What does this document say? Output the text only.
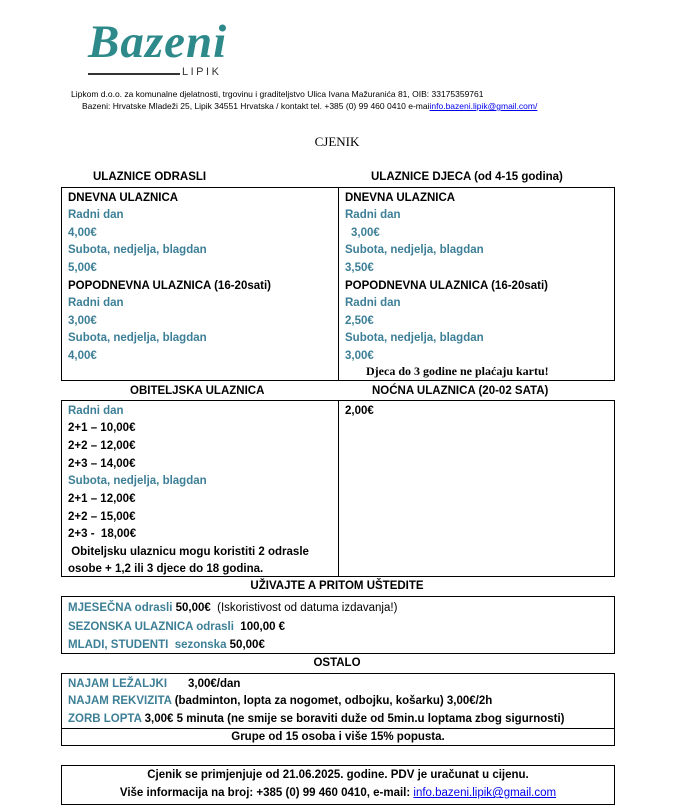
Bazeni
LIPIK
Lipkom d.o.o. za komunalne djelatnosti, trgovinu i graditeljstvo Ulica Ivana Mažuranića 81, OIB: 33175359761
Bazeni: Hrvatske Mladeži 25, Lipik 34551 Hrvatska / kontakt tel. +385 (0) 99 460 0410 e-maiinfo.bazeni.lipik@gmail.com/
CJENIK
ULAZNICE ODRASLI	ULAZNICE DJECA (od 4-15 godina)
DNEVNA ULAZNICA
Radni dan
4,00€
Subota, nedjelja, blagdan
5,00€
POPODNEVNA ULAZNICA (16-20sati)
Radni dan
3,00€
Subota, nedjelja, blagdan
4,00€
DNEVNA ULAZNICA
Radni dan
3,00€
Subota, nedjelja, blagdan
3,50€
POPODNEVNA ULAZNICA (16-20sati)
Radni dan
2,50€
Subota, nedjelja, blagdan
3,00€
Djeca do 3 godine ne plaćaju kartu!
OBITELJSKA ULAZNICA	NOĆNA ULAZNICA (20-02 SATA)
Radni dan
2+1 – 10,00€
2+2 – 12,00€
2+3 – 14,00€
Subota, nedjelja, blagdan
2+1 – 12,00€
2+2 – 15,00€
2+3 -  18,00€
Obiteljsku ulaznicu mogu koristiti 2 odrasle
osobe + 1,2 ili 3 djece do 18 godina.
2,00€
UŽIVAJTE A PRITOM UŠTEDITE
MJESEČNA odrasli 50,00€  (Iskoristivost od datuma izdavanja!)
SEZONSKA ULAZNICA odrasli  100,00 €
MLADI, STUDENTI  sezonska 50,00€
OSTALO
NAJAM LEŽALJKI 3,00€/dan
NAJAM REKVIZITA (badminton, lopta za nogomet, odbojku, košarku) 3,00€/2h
ZORB LOPTA 3,00€ 5 minuta (ne smije se boraviti duže od 5min.u loptama zbog sigurnosti)
Grupe od 15 osoba i više 15% popusta.
Cjenik se primjenjuje od 21.06.2025. godine. PDV je uračunat u cijenu.
Više informacija na broj: +385 (0) 99 460 0410, e-mail: info.bazeni.lipik@gmail.com
